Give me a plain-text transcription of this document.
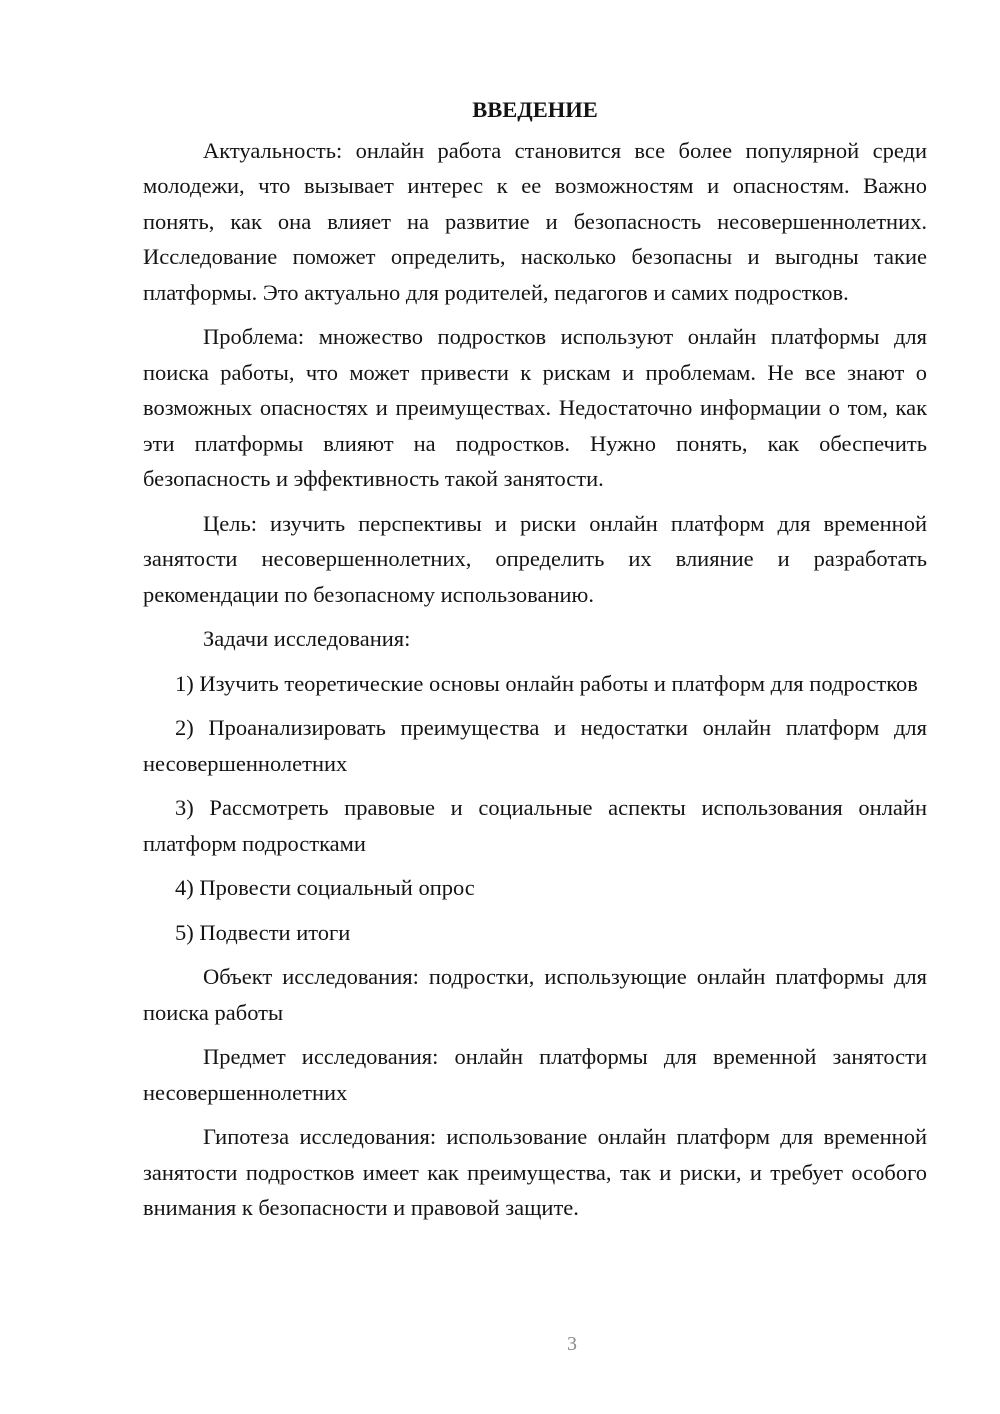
ВВЕДЕНИЕ

Актуальность: онлайн работа становится все более популярной среди молодежи, что вызывает интерес к ее возможностям и опасностям. Важно понять, как она влияет на развитие и безопасность несовершеннолетних. Исследование поможет определить, насколько безопасны и выгодны такие платформы. Это актуально для родителей, педагогов и самих подростков.

Проблема: множество подростков используют онлайн платформы для поиска работы, что может привести к рискам и проблемам. Не все знают о возможных опасностях и преимуществах. Недостаточно информации о том, как эти платформы влияют на подростков. Нужно понять, как обеспечить безопасность и эффективность такой занятости.

Цель: изучить перспективы и риски онлайн платформ для временной занятости несовершеннолетних, определить их влияние и разработать рекомендации по безопасному использованию.

Задачи исследования:

1) Изучить теоретические основы онлайн работы и платформ для подростков

2) Проанализировать преимущества и недостатки онлайн платформ для несовершеннолетних

3) Рассмотреть правовые и социальные аспекты использования онлайн платформ подростками

4) Провести социальный опрос

5) Подвести итоги

Объект исследования: подростки, использующие онлайн платформы для поиска работы

Предмет исследования: онлайн платформы для временной занятости несовершеннолетних

Гипотеза исследования: использование онлайн платформ для временной занятости подростков имеет как преимущества, так и риски, и требует особого внимания к безопасности и правовой защите.

3
